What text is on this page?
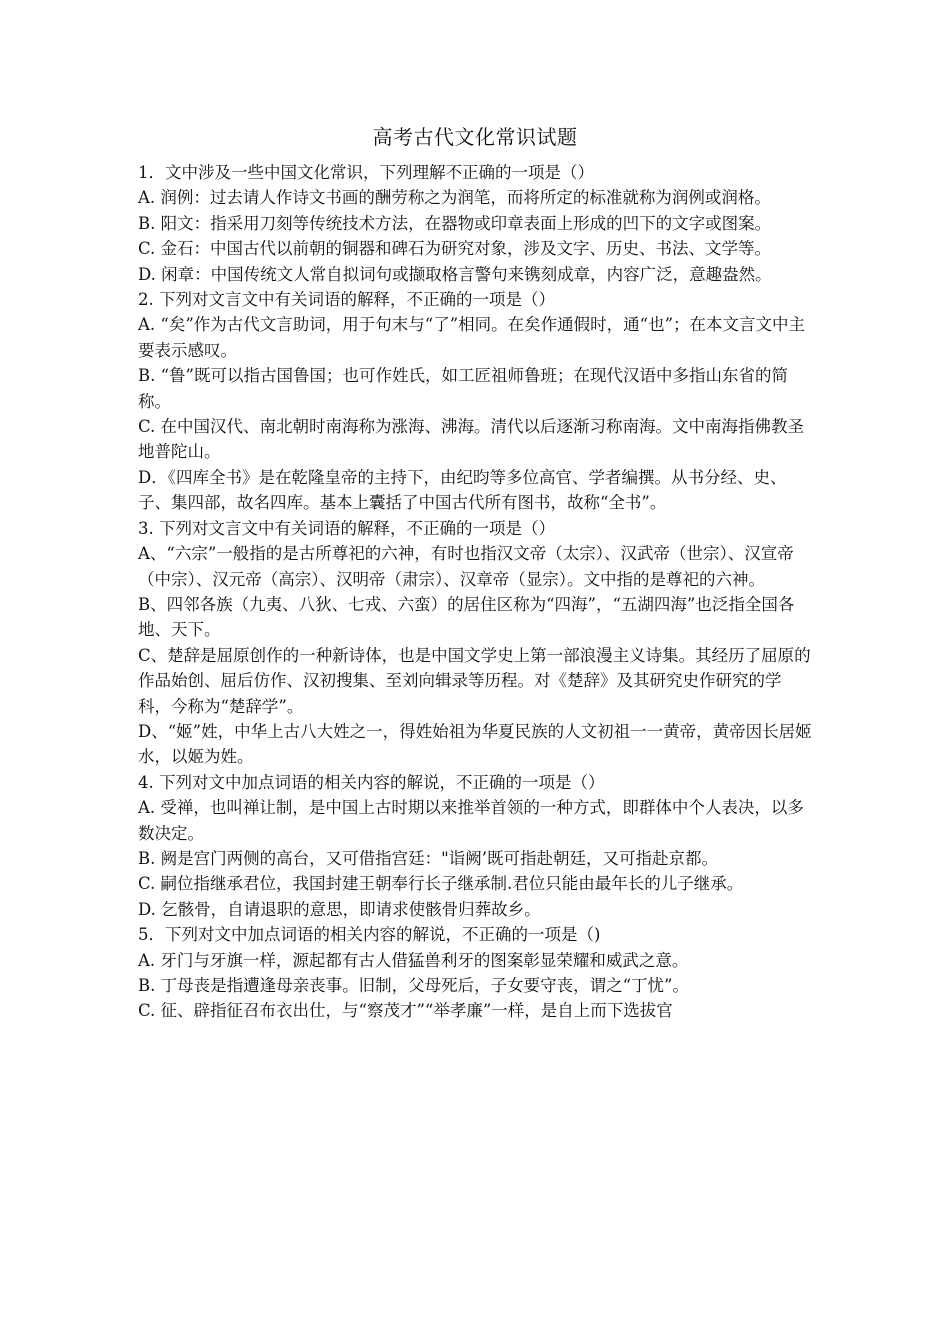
高考古代文化常识试题

1．文中涉及一些中国文化常识，下列理解不正确的一项是（）

A. 润例：过去请人作诗文书画的酬劳称之为润笔，而将所定的标准就称为润例或润格。

B. 阳文：指采用刀刻等传统技术方法，在器物或印章表面上形成的凹下的文字或图案。

C. 金石：中国古代以前朝的铜器和碑石为研究对象，涉及文字、历史、书法、文学等。

D. 闲章：中国传统文人常自拟词句或撷取格言警句来镌刻成章，内容广泛，意趣盎然。

2. 下列对文言文中有关词语的解释，不正确的一项是（）

A. “矣”作为古代文言助词，用于句末与“了”相同。在矣作通假时，通“也”；在本文言文中主要表示感叹。

B. “鲁”既可以指古国鲁国；也可作姓氏，如工匠祖师鲁班；在现代汉语中多指山东省的简称。

C. 在中国汉代、南北朝时南海称为涨海、沸海。清代以后逐渐习称南海。文中南海指佛教圣地普陀山。

D．《四库全书》是在乾隆皇帝的主持下，由纪昀等多位高官、学者编撰。从书分经、史、子、集四部，故名四库。基本上囊括了中国古代所有图书，故称“全书”。

3. 下列对文言文中有关词语的解释，不正确的一项是（）

A、“六宗”一般指的是古所尊祀的六神，有时也指汉文帝（太宗）、汉武帝（世宗）、汉宣帝（中宗）、汉元帝（高宗）、汉明帝（肃宗）、汉章帝（显宗）。文中指的是尊祀的六神。

B、四邻各族（九夷、八狄、七戎、六蛮）的居住区称为“四海”，“五湖四海”也泛指全国各地、天下。

C、楚辞是屈原创作的一种新诗体，也是中国文学史上第一部浪漫主义诗集。其经历了屈原的作品始创、屈后仿作、汉初搜集、至刘向辑录等历程。对《楚辞》及其研究史作研究的学科，今称为“楚辞学”。

D、“姬”姓，中华上古八大姓之一，得姓始祖为华夏民族的人文初祖一一黄帝，黄帝因长居姬水，以姬为姓。

4. 下列对文中加点词语的相关内容的解说，不正确的一项是（）

A. 受禅，也叫禅让制，是中国上古时期以来推举首领的一种方式，即群体中个人表决，以多数决定。

B. 阙是宫门两侧的高台，又可借指宫廷："诣阙’既可指赴朝廷，又可指赴京都。

C. 嗣位指继承君位，我国封建王朝奉行长子继承制.君位只能由最年长的儿子继承。

D. 乞骸骨，自请退职的意思，即请求使骸骨归葬故乡。

5．下列对文中加点词语的相关内容的解说，不正确的一项是（)

A. 牙门与牙旗一样，源起都有古人借猛兽利牙的图案彰显荣耀和威武之意。

B. 丁母丧是指遭逢母亲丧事。旧制，父母死后，子女要守丧，谓之“丁忧”。

C. 征、辟指征召布衣出仕，与“察茂才”“举孝廉”一样，是自上而下选拔官
